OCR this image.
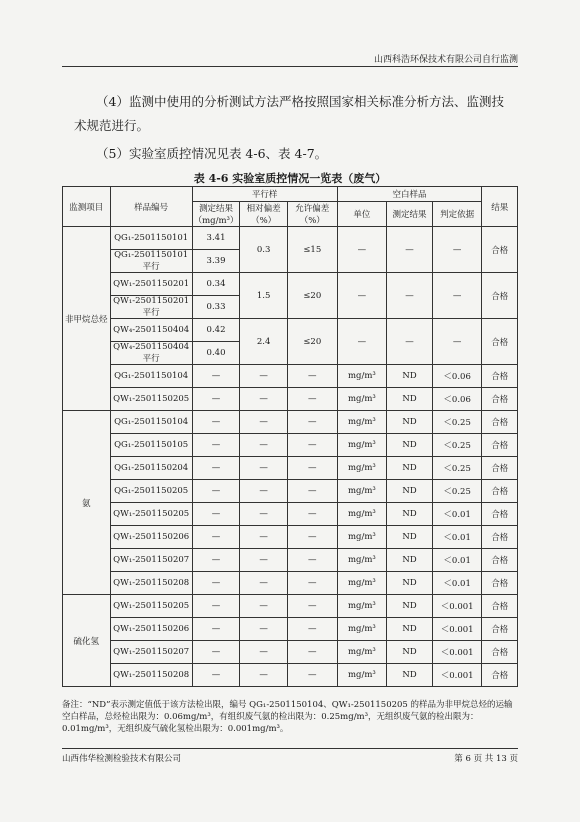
山西科浩环保技术有限公司自行监测
（4）监测中使用的分析测试方法严格按照国家相关标准分析方法、监测技
术规范进行。
（5）实验室质控情况见表 4-6、表 4-7。
表 4-6 实验室质控情况一览表（废气）
监测项目	样品编号	平行样			空白样品			结果
		测定结果（mg/m³）	相对偏差（%）	允许偏差（%）	单位	测定结果	判定依据	
非甲烷总烃	QG₁-2501150101	3.41	0.3	≤15	—	—	—	合格
	QG₁-2501150101平行	3.39						
	QW₁-2501150201	0.34	1.5	≤20	—	—	—	合格
	QW₁-2501150201平行	0.33						
	QW₄-2501150404	0.42	2.4	≤20	—	—	—	合格
	QW₄-2501150404平行	0.40						
	QG₁-2501150104	—	—	—	mg/m³	ND	＜0.06	合格
	QW₁-2501150205	—	—	—	mg/m³	ND	＜0.06	合格
氨	QG₁-2501150104	—	—	—	mg/m³	ND	＜0.25	合格
	QG₁-2501150105	—	—	—	mg/m³	ND	＜0.25	合格
	QG₁-2501150204	—	—	—	mg/m³	ND	＜0.25	合格
	QG₁-2501150205	—	—	—	mg/m³	ND	＜0.25	合格
	QW₁-2501150205	—	—	—	mg/m³	ND	＜0.01	合格
	QW₁-2501150206	—	—	—	mg/m³	ND	＜0.01	合格
	QW₁-2501150207	—	—	—	mg/m³	ND	＜0.01	合格
	QW₁-2501150208	—	—	—	mg/m³	ND	＜0.01	合格
硫化氢	QW₁-2501150205	—	—	—	mg/m³	ND	＜0.001	合格
	QW₁-2501150206	—	—	—	mg/m³	ND	＜0.001	合格
	QW₁-2501150207	—	—	—	mg/m³	ND	＜0.001	合格
	QW₁-2501150208	—	—	—	mg/m³	ND	＜0.001	合格
备注：“ND”表示测定值低于该方法检出限，编号 QG₁-2501150104、QW₁-2501150205 的样品为非甲烷总烃的运输空白样品，总烃检出限为：0.06mg/m³，有组织废气氨的检出限为：0.25mg/m³，无组织废气氨的检出限为：0.01mg/m³，无组织废气硫化氢检出限为：0.001mg/m³。
山西伟华检测检验技术有限公司	第 6 页 共 13 页
